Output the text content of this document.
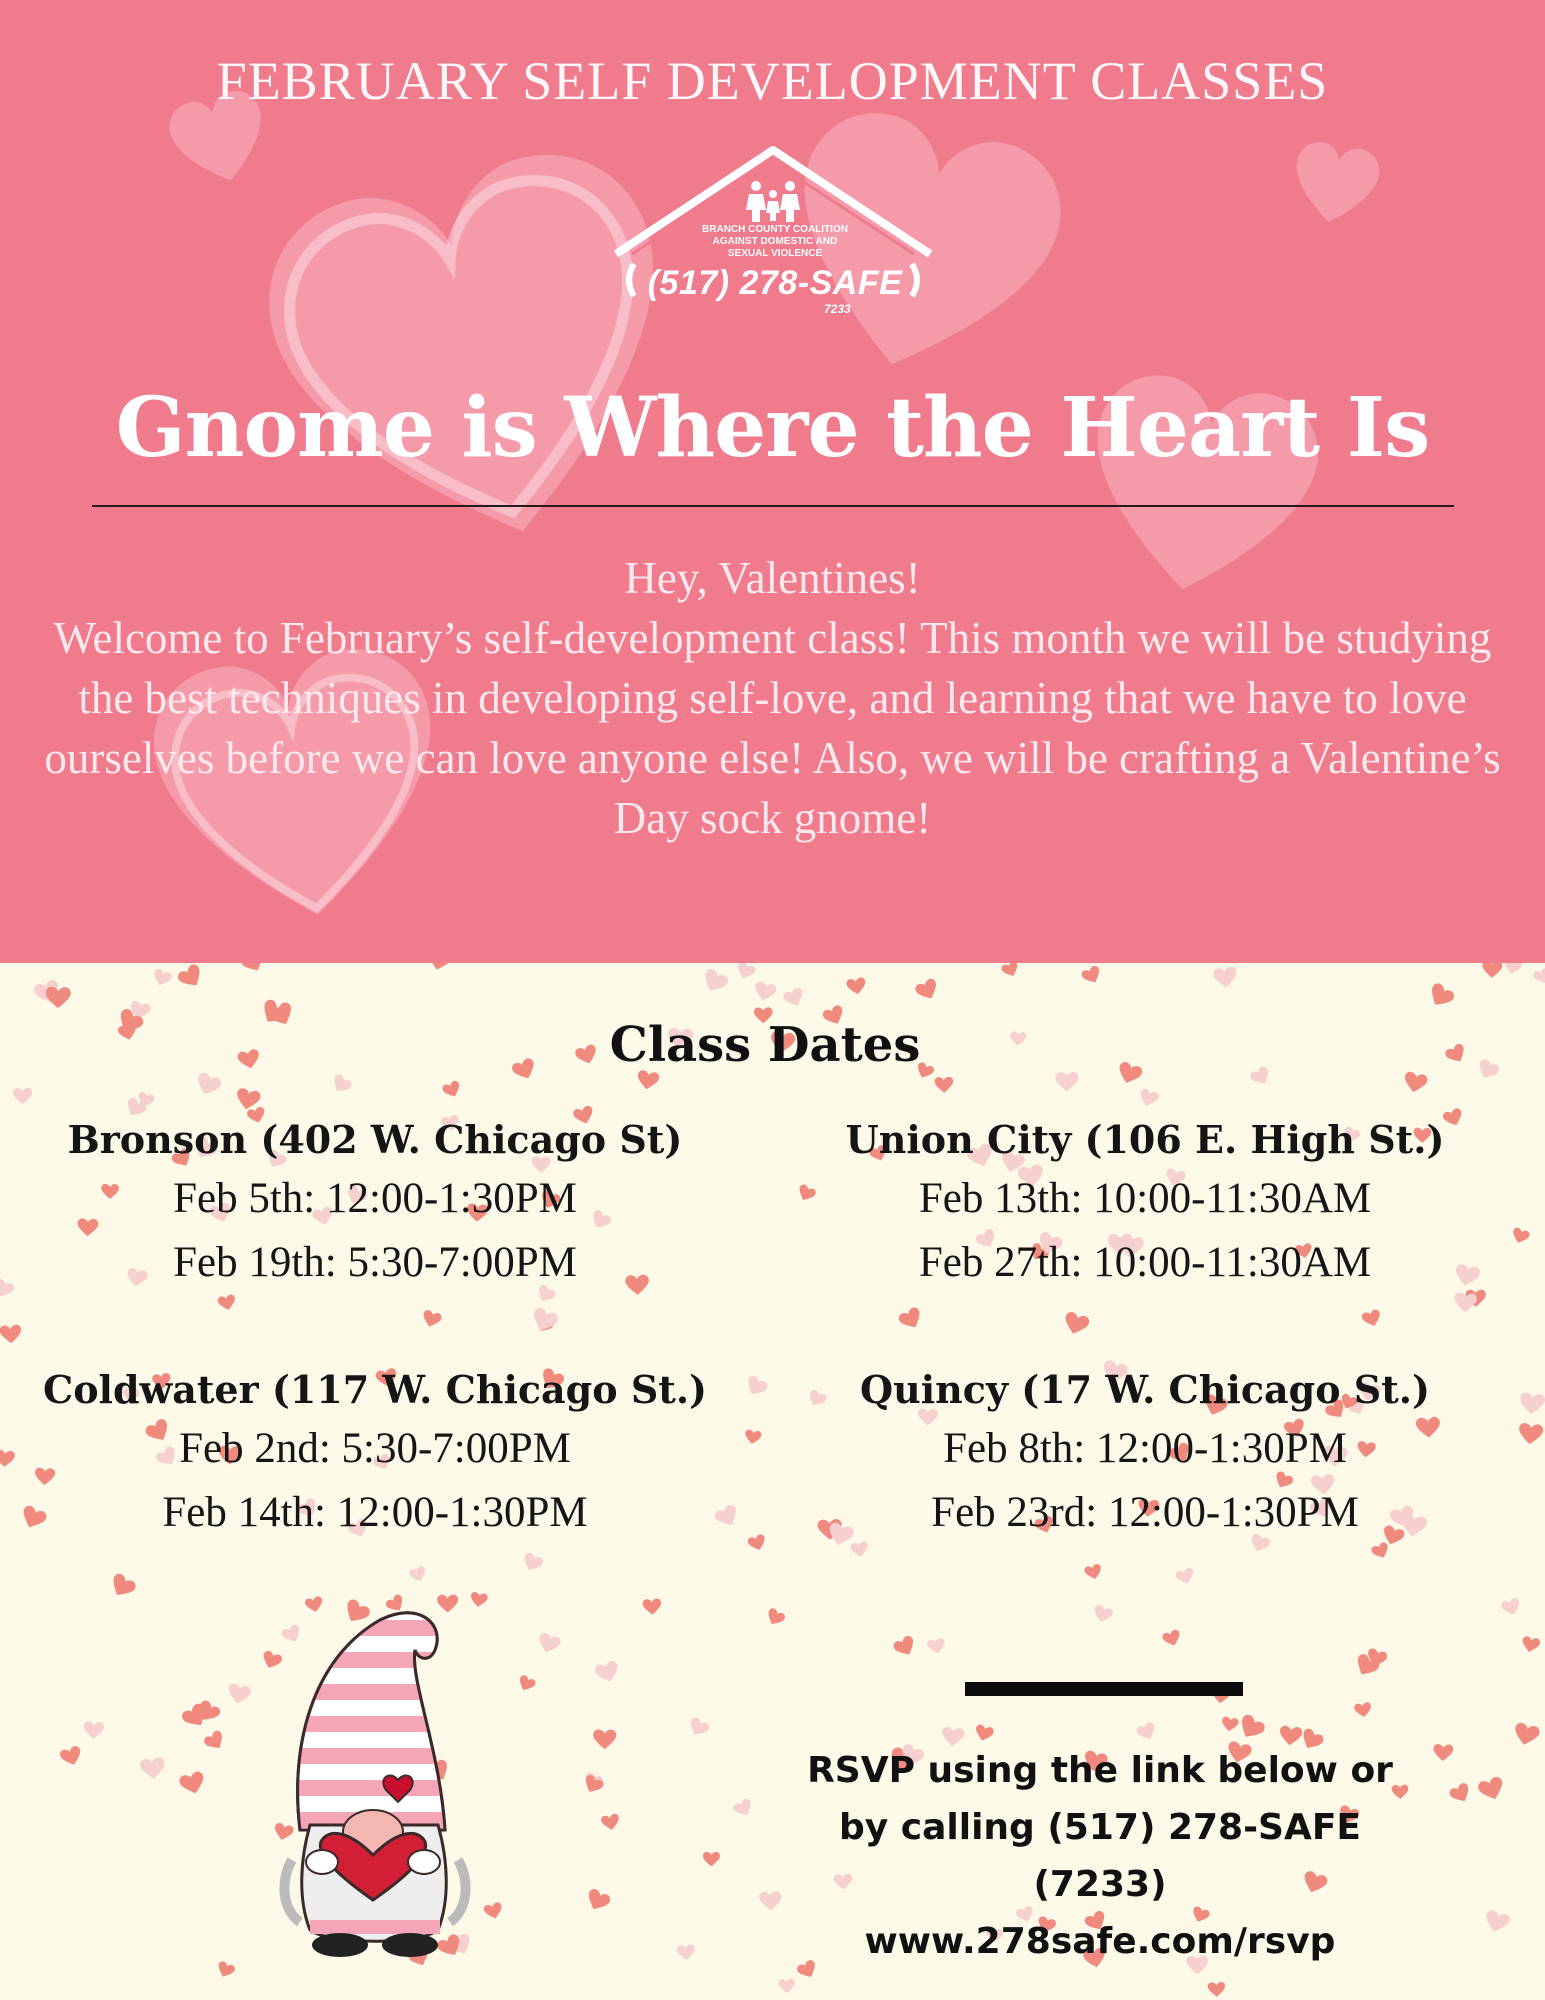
FEBRUARY SELF DEVELOPMENT CLASSES
BRANCH COUNTY COALITION
AGAINST DOMESTIC AND
SEXUAL VIOLENCE
(517) 278-SAFE
7233
Gnome is Where the Heart Is

Hey, Valentines!

Welcome to February’s self-development class! This month we will be studying the best techniques in developing self-love, and learning that we have to love ourselves before we can love anyone else! Also, we will be crafting a Valentine’s Day sock gnome!

Class Dates
Bronson (402 W. Chicago St)
Feb 5th: 12:00-1:30PM
Feb 19th: 5:30-7:00PM
Union City (106 E. High St.)
Feb 13th: 10:00-11:30AM
Feb 27th: 10:00-11:30AM
Coldwater (117 W. Chicago St.)
Feb 2nd: 5:30-7:00PM
Feb 14th: 12:00-1:30PM
Quincy (17 W. Chicago St.)
Feb 8th: 12:00-1:30PM
Feb 23rd: 12:00-1:30PM
RSVP using the link below or
by calling (517) 278-SAFE
(7233)
www.278safe.com/rsvp
